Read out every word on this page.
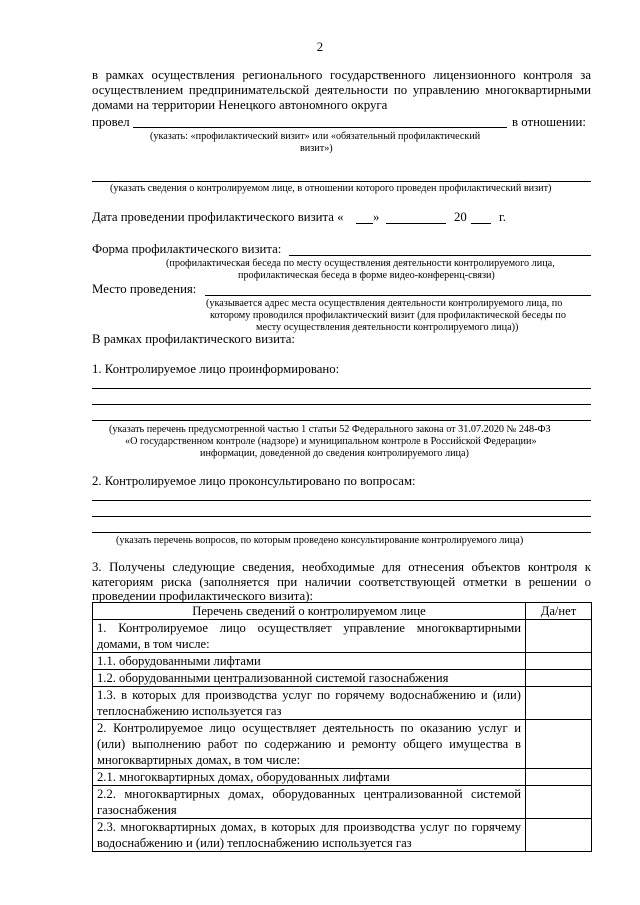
2
в рамках осуществления регионального государственного лицензионного контроля за
осуществлением предпринимательской деятельности по управлению многоквартирными
домами на территории Ненецкого автономного округа
провел	в отношении:
(указать: «профилактический визит» или «обязательный профилактический
визит»)
(указать сведения о контролируемом лице, в отношении которого проведен профилактический визит)
Дата проведении профилактического визита « »	20	г.
Форма профилактического визита:
(профилактическая беседа по месту осуществления деятельности контролируемого лица,
профилактическая беседа в форме видео-конференц-связи)
Место проведения:
(указывается адрес места осуществления деятельности контролируемого лица, по
которому проводился профилактический визит (для профилактической беседы по
месту осуществления деятельности контролируемого лица))
В рамках профилактического визита:
1. Контролируемое лицо проинформировано:
(указать перечень предусмотренной частью 1 статьи 52 Федерального закона от 31.07.2020 № 248-ФЗ
«О государственном контроле (надзоре) и муниципальном контроле в Российской Федерации»
информации, доведенной до сведения контролируемого лица)
2. Контролируемое лицо проконсультировано по вопросам:
(указать перечень вопросов, по которым проведено консультирование контролируемого лица)
3. Получены следующие сведения, необходимые для отнесения объектов контроля к
категориям риска (заполняется при наличии соответствующей отметки в решении о
проведении профилактического визита):
Перечень сведений о контролируемом лице	Да/нет
1. Контролируемое лицо осуществляет управление многоквартирными домами, в том числе:	
1.1. оборудованными лифтами	
1.2. оборудованными централизованной системой газоснабжения	
1.3. в которых для производства услуг по горячему водоснабжению и (или) теплоснабжению используется газ	
2. Контролируемое лицо осуществляет деятельность по оказанию услуг и (или) выполнению работ по содержанию и ремонту общего имущества в многоквартирных домах, в том числе:	
2.1. многоквартирных домах, оборудованных лифтами	
2.2. многоквартирных домах, оборудованных централизованной системой газоснабжения	
2.3. многоквартирных домах, в которых для производства услуг по горячему водоснабжению и (или) теплоснабжению используется газ	
